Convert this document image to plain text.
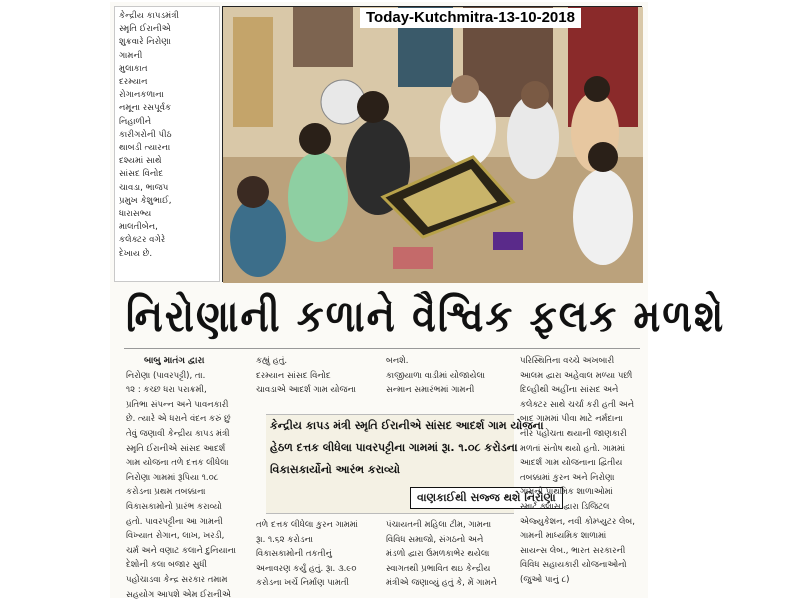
કેન્દ્રીય કાપડમંત્રી
સ્મૃતિ ઈરાનીએ
શુક્રવારે નિરોણા
ગામની
મુલાકાત
દરમ્યાન
રોગાનકળાના
નમૂના રસપૂર્વક
નિહાળીને
કારીગરોની પીઠ
થાબડી ત્યારના
દશ્યમાં સાથે
સાંસદ વિનોદ
ચાવડા, ભાજપ
પ્રમુખ કેશુભાઈ,
ધારાસભ્ય
માલતીબેન,
કલેક્ટર વગેરે
દેખાય છે.
Today-Kutchmitra-13-10-2018
નિરોણાની કળાને વૈશ્વિક ફલક મળશે
બાબુ માતંગ દ્વારા
નિરોણા (પાવરપટ્ટી), તા.
૧૨ : કચ્છ ધરા પરાક્રમી,
પ્રતિભા સંપન્ન અને પાવનકારી
છે. ત્યારે એ ધરાને વંદન કરું છું
તેવું જણાવી કેન્દ્રીય કાપડ મંત્રી
સ્મૃતિ ઈરાનીએ સાંસદ આદર્શ
ગામ યોજના તળે દત્તક લીધેલા
નિરોણા ગામમાં રૂપિયા ૧.૦૮
કરોડના પ્રથમ તબક્કાના
વિકાસકામોનો પ્રારંભ કરાવ્યો
હતો. પાવરપટ્ટીના આ ગામની
વિખ્યાત રોગાન, લાખ, ખરડી,
ચર્મ અને વણાટ કલાને દુનિયાના
દેશોની કલા બજાર સુધી
પહોંચાડવા કેન્દ્ર સરકાર તમામ
સહયોગ આપશે એમ ઈરાનીએ
કહ્યું હતું.
દરમ્યાન સાંસદ વિનોદ
ચાવડાએ આદર્શ ગામ યોજના
બનશે.
કાજીયાળા વાડીમાં યોજાયેલા
સન્માન સમારંભમાં ગામની
કેન્દ્રીય કાપડ મંત્રી સ્મૃતિ ઈરાનીએ સાંસદ આદર્શ ગામ યોજના
હેઠળ દત્તક લીધેલા પાવરપટ્ટીના ગામમાં રૂા. ૧.૦૮ કરોડના
વિકાસકાર્યોનો આરંભ કરાવ્યો
વાણકાઈથી સજ્જ થશે નિરોણા
તળે દત્તક લીધેલા કુરન ગામમાં
રૂા. ૧.૬૨ કરોડના
વિકાસકામોની તકતીનું
અનાવરણ કર્યું હતું. રૂા. ૩.૯૦
કરોડના ખર્ચે નિર્માણ પામતી
પંચાયતની મહિલા ટીમ, ગામના
વિવિધ સમાજો, સંગઠનો અને
મંડળો દ્વારા ઉમળકાભેર થયેલા
સ્વાગતથી પ્રભાવિત થઇ કેન્દ્રીય
મંત્રીએ જણાવ્યું હતું કે, મેં ગામને
પરિસ્થિતિના વચ્ચે અખબારી
આલમ દ્વારા અહેવાલ મળ્યા પછી
દિલ્હીથી અહીંના સાંસદ અને
કલેક્ટર સાથે ચર્ચા કરી હતી અને
બાદ ગામમાં પીવા માટે નર્મદાના
નીર પહોંચતા થયાની જાણકારી
મળતાં સંતોષ થયો હતો. ગામમાં
આદર્શ ગામ યોજનાના દ્વિતીય
તબક્કામાં કુરન અને નિરોણા
ગામની પ્રાથમિક શાળાઓમાં
સ્માર્ટ ક્લાસ દ્વારા ડિજિટલ
એજ્યુકેશન, નવી કોમ્પ્યુટર લેબ,
ગામની માધ્યમિક શાળામાં
સાયન્સ લેબ., ભારત સરકારની
વિવિધ સહાયકારી યોજનાઓનો
(જુઓ પાનું ૮)
